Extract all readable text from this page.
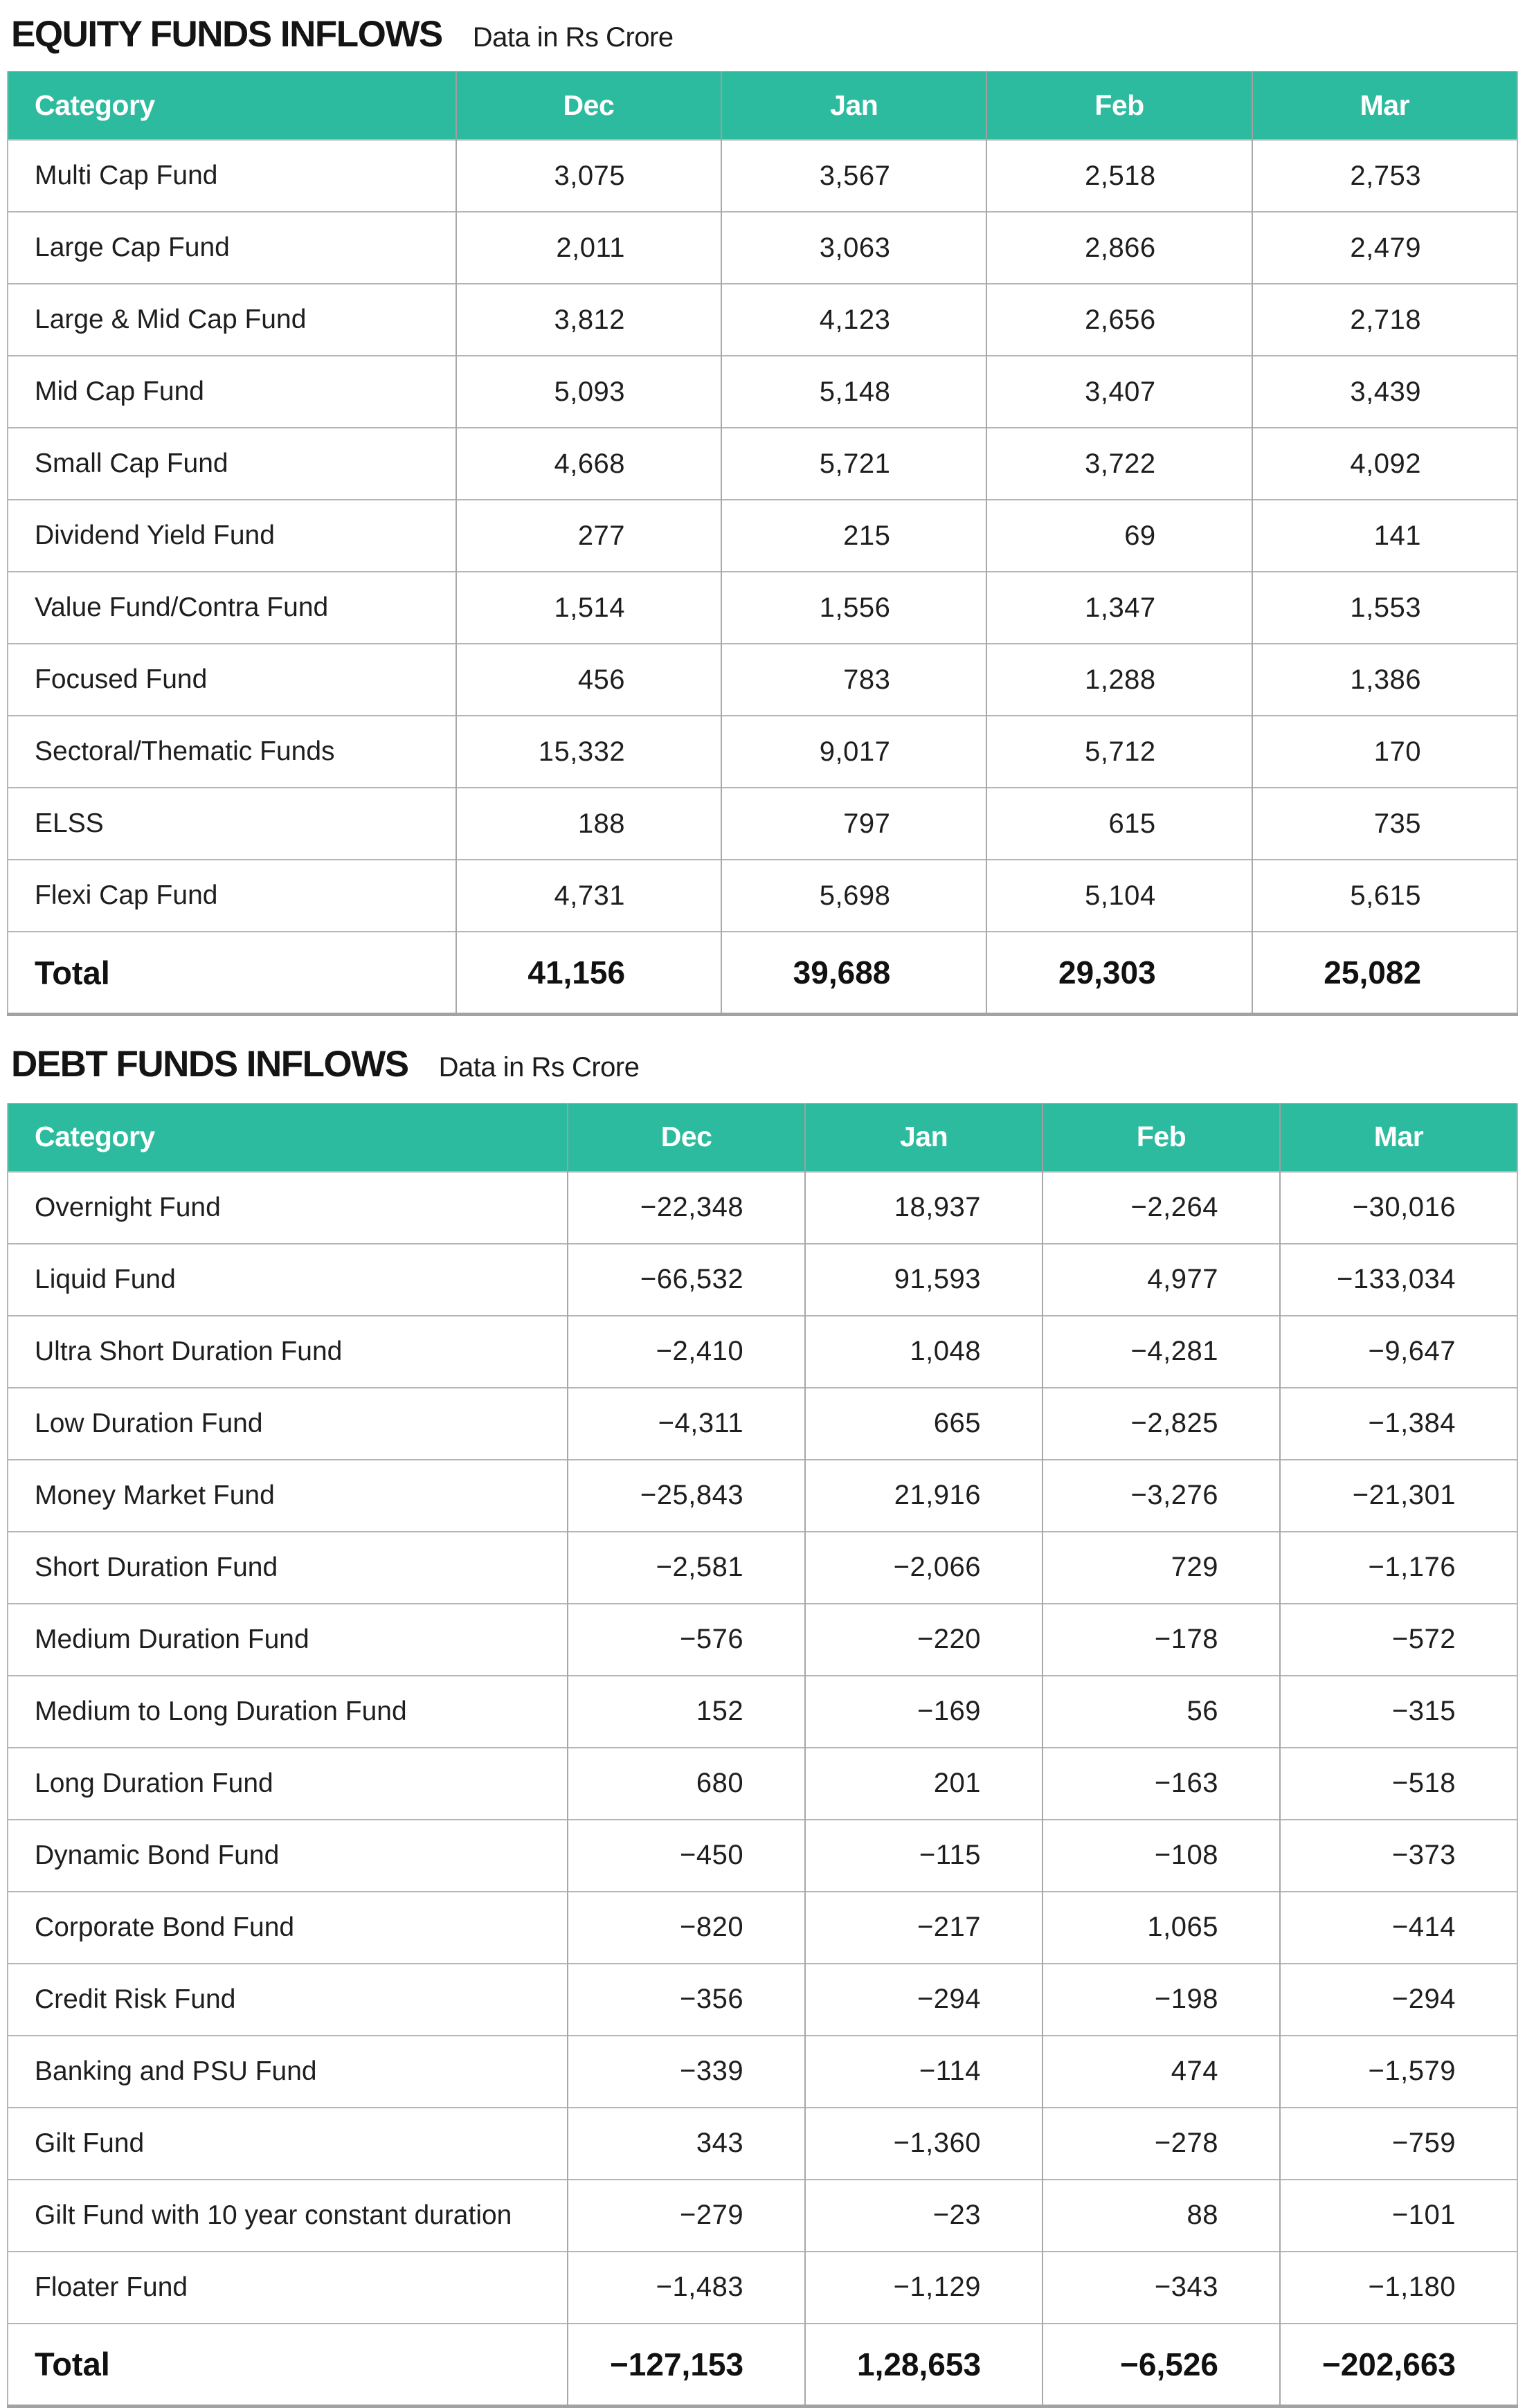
EQUITY FUNDS INFLOWS Data in Rs Crore
Category	Dec	Jan	Feb	Mar
Multi Cap Fund	3,075	3,567	2,518	2,753
Large Cap Fund	2,011	3,063	2,866	2,479
Large & Mid Cap Fund	3,812	4,123	2,656	2,718
Mid Cap Fund	5,093	5,148	3,407	3,439
Small Cap Fund	4,668	5,721	3,722	4,092
Dividend Yield Fund	277	215	69	141
Value Fund/Contra Fund	1,514	1,556	1,347	1,553
Focused Fund	456	783	1,288	1,386
Sectoral/Thematic Funds	15,332	9,017	5,712	170
ELSS	188	797	615	735
Flexi Cap Fund	4,731	5,698	5,104	5,615
Total	41,156	39,688	29,303	25,082
DEBT FUNDS INFLOWS Data in Rs Crore
Category	Dec	Jan	Feb	Mar
Overnight Fund	−22,348	18,937	−2,264	−30,016
Liquid Fund	−66,532	91,593	4,977	−133,034
Ultra Short Duration Fund	−2,410	1,048	−4,281	−9,647
Low Duration Fund	−4,311	665	−2,825	−1,384
Money Market Fund	−25,843	21,916	−3,276	−21,301
Short Duration Fund	−2,581	−2,066	729	−1,176
Medium Duration Fund	−576	−220	−178	−572
Medium to Long Duration Fund	152	−169	56	−315
Long Duration Fund	680	201	−163	−518
Dynamic Bond Fund	−450	−115	−108	−373
Corporate Bond Fund	−820	−217	1,065	−414
Credit Risk Fund	−356	−294	−198	−294
Banking and PSU Fund	−339	−114	474	−1,579
Gilt Fund	343	−1,360	−278	−759
Gilt Fund with 10 year constant duration	−279	−23	88	−101
Floater Fund	−1,483	−1,129	−343	−1,180
Total	−127,153	1,28,653	−6,526	−202,663
